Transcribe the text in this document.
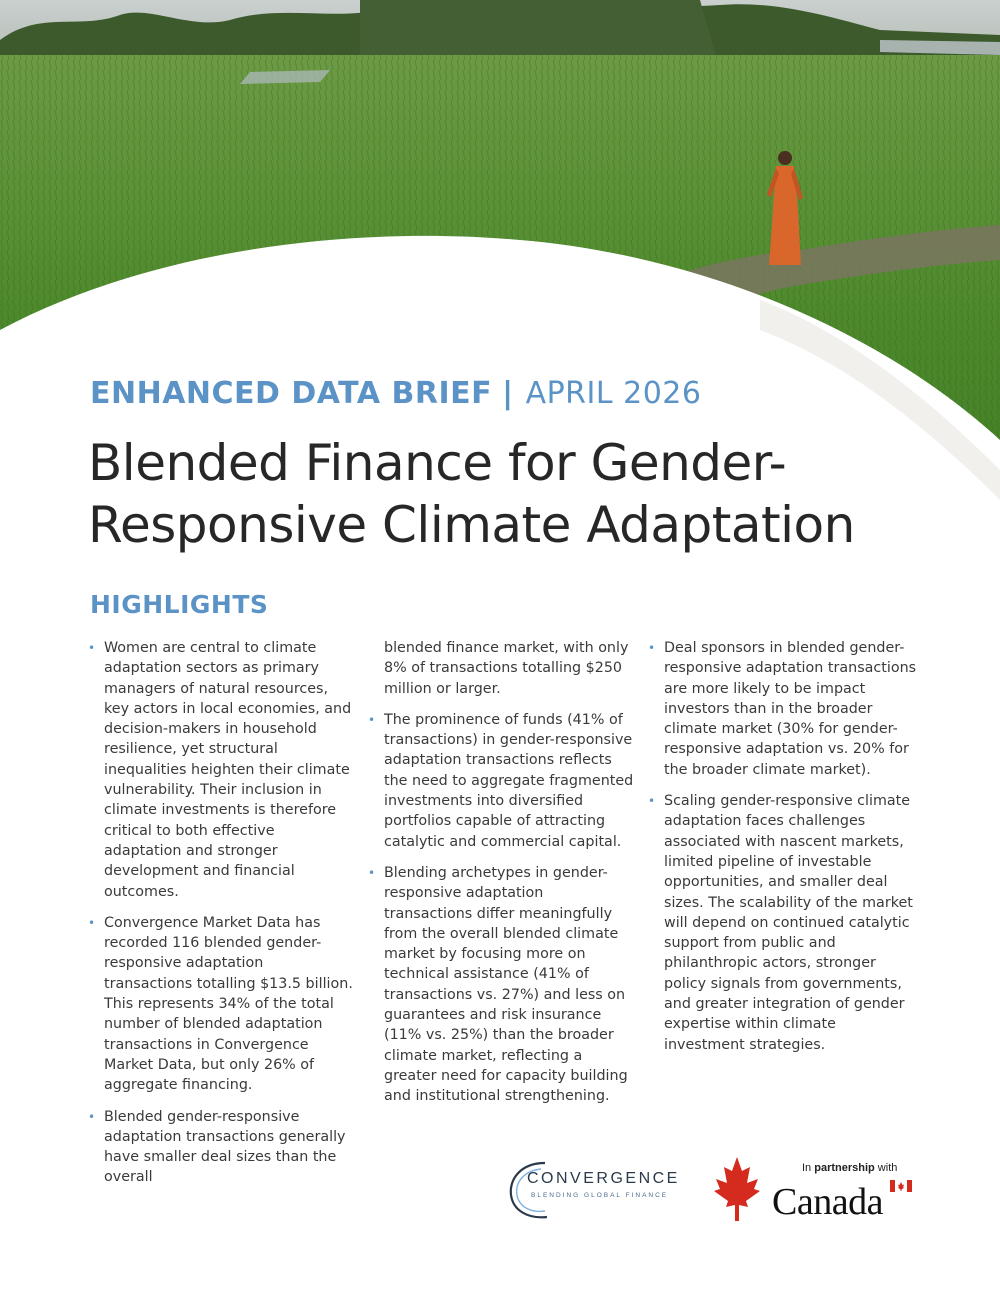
ENHANCED DATA BRIEF | APRIL 2026
Blended Finance for Gender-
Responsive Climate Adaptation
HIGHLIGHTS
• Women are central to climate adaptation sectors as primary managers of natural resources, key actors in local economies, and decision-makers in household resilience, yet structural inequalities heighten their climate vulnerability. Their inclusion in climate investments is therefore critical to both effective adaptation and stronger development and financial outcomes.
• Convergence Market Data has recorded 116 blended gender-responsive adaptation transactions totalling $13.5 billion. This represents 34% of the total number of blended adaptation transactions in Convergence Market Data, but only 26% of aggregate financing.
• Blended gender-responsive adaptation transactions generally have smaller deal sizes than the overall
blended finance market, with only 8% of transactions totalling $250 million or larger.
• The prominence of funds (41% of transactions) in gender-responsive adaptation transactions reflects the need to aggregate fragmented investments into diversified portfolios capable of attracting catalytic and commercial capital.
• Blending archetypes in gender-responsive adaptation transactions differ meaningfully from the overall blended climate market by focusing more on technical assistance (41% of transactions vs. 27%) and less on guarantees and risk insurance (11% vs. 25%) than the broader climate market, reflecting a greater need for capacity building and institutional strengthening.
• Deal sponsors in blended gender-responsive adaptation transactions are more likely to be impact investors than in the broader climate market (30% for gender-responsive adaptation vs. 20% for the broader climate market).
• Scaling gender-responsive climate adaptation faces challenges associated with nascent markets, limited pipeline of investable opportunities, and smaller deal sizes. The scalability of the market will depend on continued catalytic support from public and philanthropic actors, stronger policy signals from governments, and greater integration of gender expertise within climate investment strategies.
CONVERGENCE
BLENDING GLOBAL FINANCE
In partnership with
Canada
